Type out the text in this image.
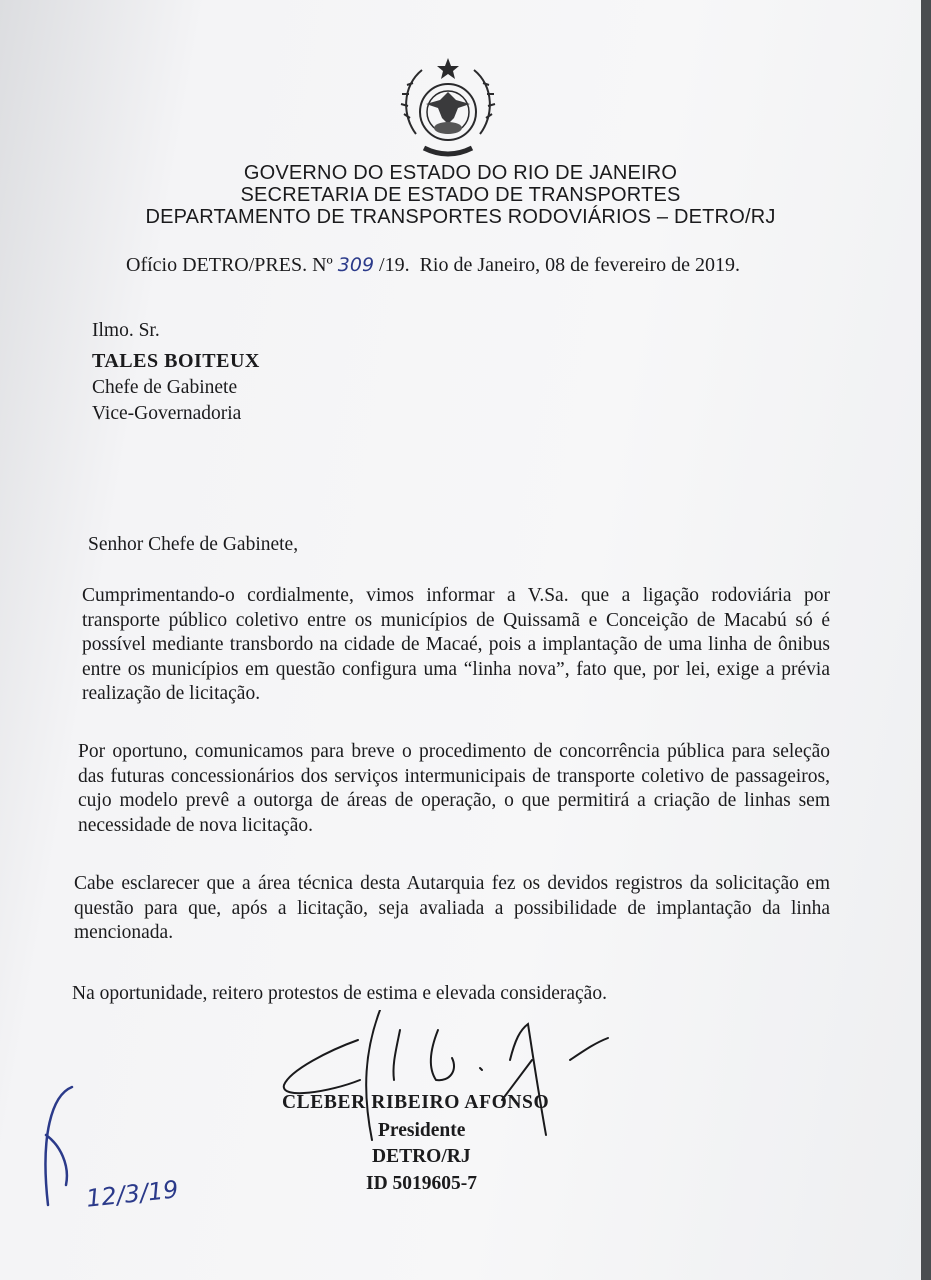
GOVERNO DO ESTADO DO RIO DE JANEIRO
SECRETARIA DE ESTADO DE TRANSPORTES
DEPARTAMENTO DE TRANSPORTES RODOVIÁRIOS – DETRO/RJ
Ofício DETRO/PRES. Nº 309 /19. Rio de Janeiro, 08 de fevereiro de 2019.
Ilmo. Sr.
TALES BOITEUX
Chefe de Gabinete
Vice-Governadoria
Senhor Chefe de Gabinete,
Cumprimentando-o cordialmente, vimos informar a V.Sa. que a ligação rodoviária por transporte público coletivo entre os municípios de Quissamã e Conceição de Macabú só é possível mediante transbordo na cidade de Macaé, pois a implantação de uma linha de ônibus entre os municípios em questão configura uma “linha nova”, fato que, por lei, exige a prévia realização de licitação.
Por oportuno, comunicamos para breve o procedimento de concorrência pública para seleção das futuras concessionários dos serviços intermunicipais de transporte coletivo de passageiros, cujo modelo prevê a outorga de áreas de operação, o que permitirá a criação de linhas sem necessidade de nova licitação.
Cabe esclarecer que a área técnica desta Autarquia fez os devidos registros da solicitação em questão para que, após a licitação, seja avaliada a possibilidade de implantação da linha mencionada.
Na oportunidade, reitero protestos de estima e elevada consideração.
CLEBER RIBEIRO AFONSO
Presidente
DETRO/RJ
ID 5019605-7
12/3/19
